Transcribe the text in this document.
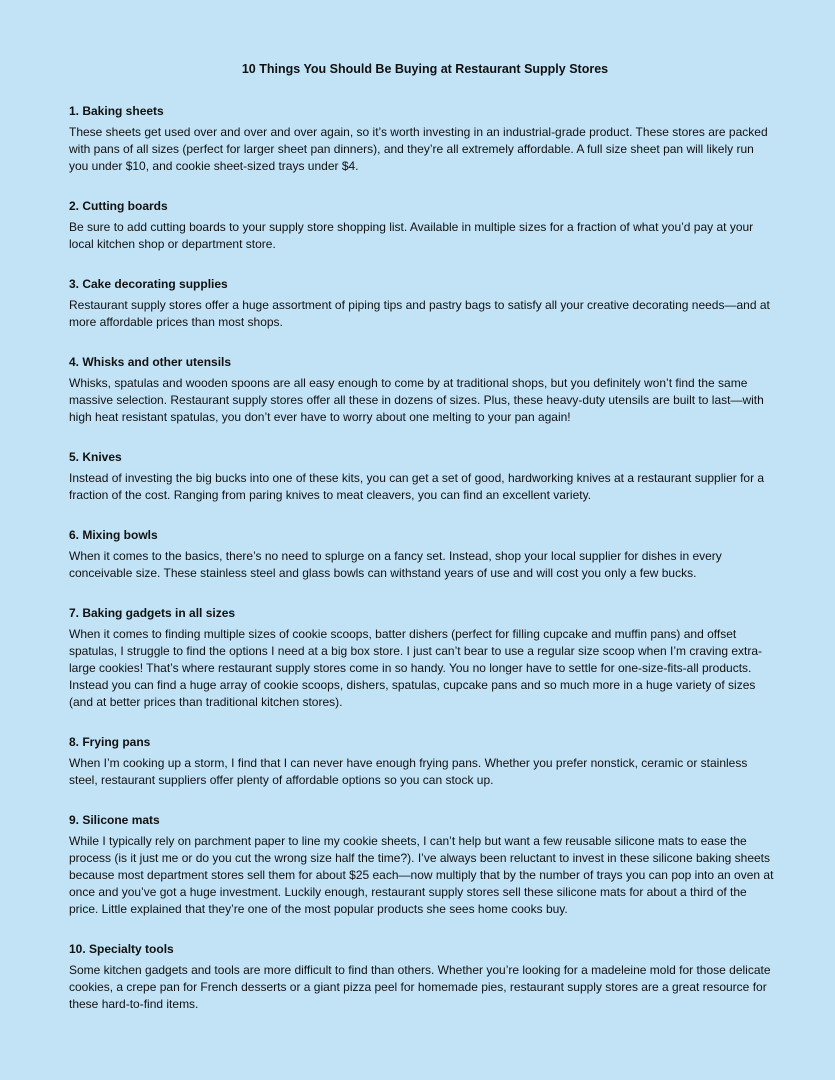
10 Things You Should Be Buying at Restaurant Supply Stores
1. Baking sheets

These sheets get used over and over and over again, so it’s worth investing in an industrial-grade product. These stores are packed with pans of all sizes (perfect for larger sheet pan dinners), and they’re all extremely affordable. A full size sheet pan will likely run you under $10, and cookie sheet-sized trays under $4.

2. Cutting boards

Be sure to add cutting boards to your supply store shopping list. Available in multiple sizes for a fraction of what you’d pay at your local kitchen shop or department store.

3. Cake decorating supplies

Restaurant supply stores offer a huge assortment of piping tips and pastry bags to satisfy all your creative decorating needs—and at more affordable prices than most shops.

4. Whisks and other utensils

Whisks, spatulas and wooden spoons are all easy enough to come by at traditional shops, but you definitely won’t find the same massive selection. Restaurant supply stores offer all these in dozens of sizes. Plus, these heavy-duty utensils are built to last—with high heat resistant spatulas, you don’t ever have to worry about one melting to your pan again!

5. Knives

Instead of investing the big bucks into one of these kits, you can get a set of good, hardworking knives at a restaurant supplier for a fraction of the cost. Ranging from paring knives to meat cleavers, you can find an excellent variety.

6. Mixing bowls

When it comes to the basics, there’s no need to splurge on a fancy set. Instead, shop your local supplier for dishes in every conceivable size. These stainless steel and glass bowls can withstand years of use and will cost you only a few bucks.

7. Baking gadgets in all sizes

When it comes to finding multiple sizes of cookie scoops, batter dishers (perfect for filling cupcake and muffin pans) and offset spatulas, I struggle to find the options I need at a big box store. I just can’t bear to use a regular size scoop when I’m craving extra-large cookies! That’s where restaurant supply stores come in so handy. You no longer have to settle for one-size-fits-all products. Instead you can find a huge array of cookie scoops, dishers, spatulas, cupcake pans and so much more in a huge variety of sizes (and at better prices than traditional kitchen stores).

8. Frying pans

When I’m cooking up a storm, I find that I can never have enough frying pans. Whether you prefer nonstick, ceramic or stainless steel, restaurant suppliers offer plenty of affordable options so you can stock up.

9. Silicone mats

While I typically rely on parchment paper to line my cookie sheets, I can’t help but want a few reusable silicone mats to ease the process (is it just me or do you cut the wrong size half the time?). I’ve always been reluctant to invest in these silicone baking sheets because most department stores sell them for about $25 each—now multiply that by the number of trays you can pop into an oven at once and you’ve got a huge investment. Luckily enough, restaurant supply stores sell these silicone mats for about a third of the price. Little explained that they’re one of the most popular products she sees home cooks buy.

10. Specialty tools

Some kitchen gadgets and tools are more difficult to find than others. Whether you’re looking for a madeleine mold for those delicate cookies, a crepe pan for French desserts or a giant pizza peel for homemade pies, restaurant supply stores are a great resource for these hard-to-find items.
